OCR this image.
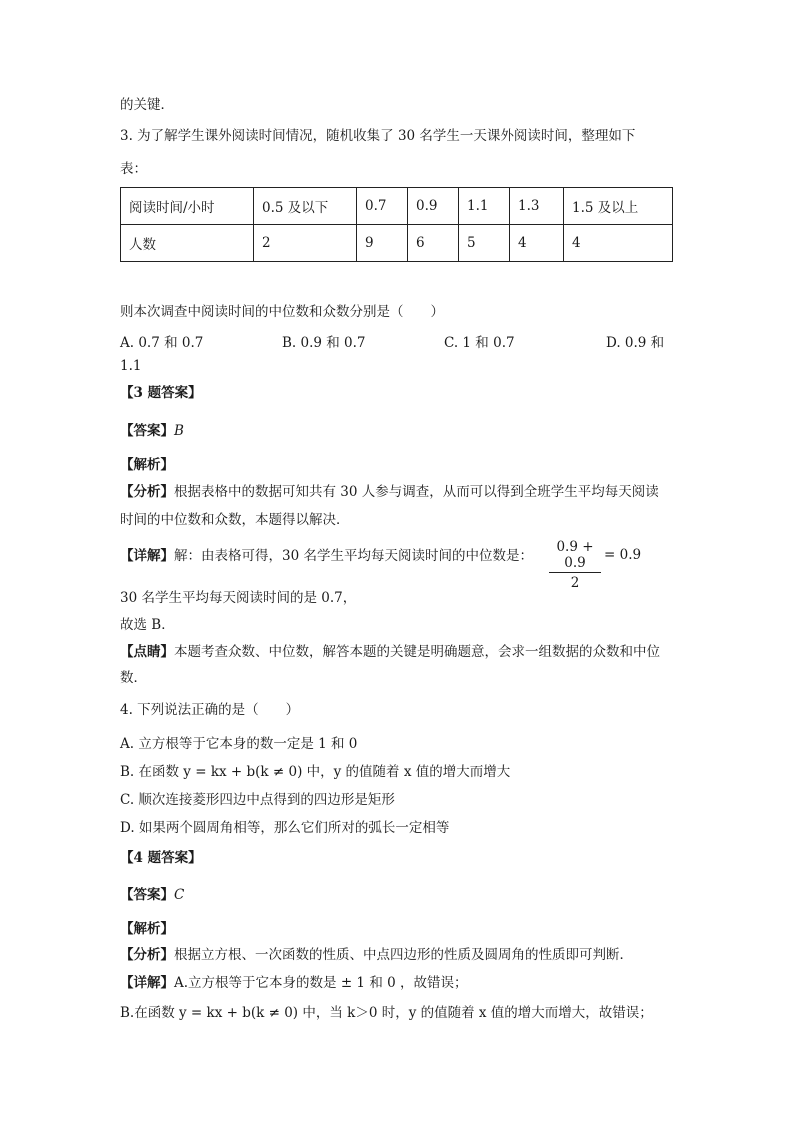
的关键．
3. 为了解学生课外阅读时间情况，随机收集了 30 名学生一天课外阅读时间，整理如下
表：
阅读时间/小时	0.5 及以下	0.7	0.9	1.1	1.3	1.5 及以上
人数	2	9	6	5	4	4
则本次调查中阅读时间的中位数和众数分别是（　　）
A. 0.7 和 0.7	B. 0.9 和 0.7	C. 1 和 0.7	D. 0.9 和
1.1
【3 题答案】
【答案】B
【解析】
【分析】根据表格中的数据可知共有 30 人参与调查，从而可以得到全班学生平均每天阅读
时间的中位数和众数，本题得以解决．
【详解】解：由表格可得，30 名学生平均每天阅读时间的中位数是： $\frac{0.9 + 0.9}{2} = 0.9$
30 名学生平均每天阅读时间的是 0.7，
故选 B．
【点睛】本题考查众数、中位数，解答本题的关键是明确题意，会求一组数据的众数和中位
数．
4. 下列说法正确的是（　　）
A. 立方根等于它本身的数一定是 1 和 0
B. 在函数 y = kx + b(k ≠ 0) 中，y 的值随着 x 值的增大而增大
C. 顺次连接菱形四边中点得到的四边形是矩形
D. 如果两个圆周角相等，那么它们所对的弧长一定相等
【4 题答案】
【答案】C
【解析】
【分析】根据立方根、一次函数的性质、中点四边形的性质及圆周角的性质即可判断．
【详解】A.立方根等于它本身的数是 ± 1 和 0 ，故错误；
B.在函数 y = kx + b(k ≠ 0) 中，当 k＞0 时，y 的值随着 x 值的增大而增大，故错误；
